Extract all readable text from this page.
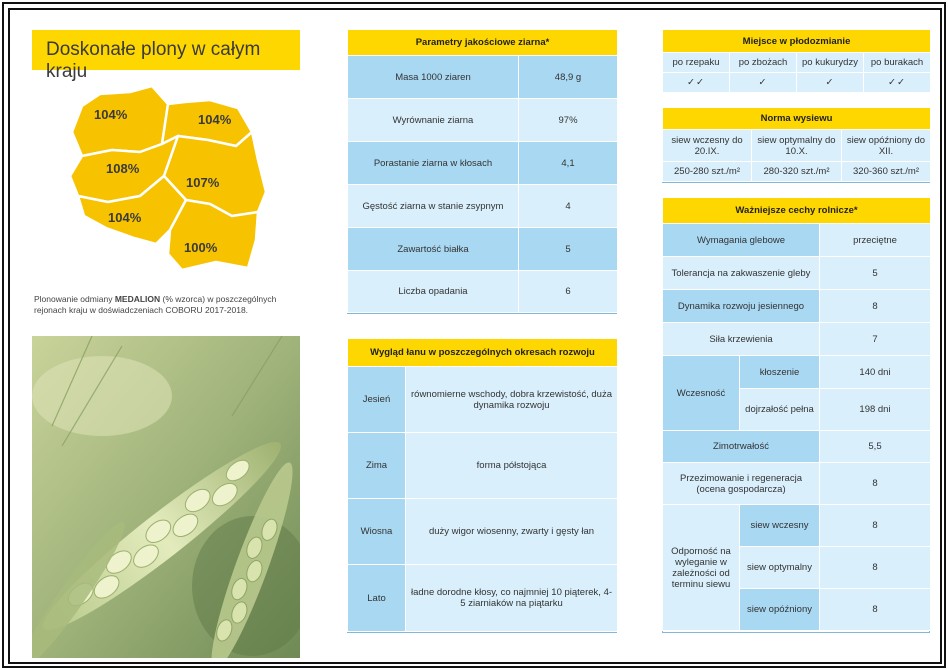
Doskonałe plony w całym kraju
104%	104%
108%
107%
104%
100%
Plonowanie odmiany MEDALION (% wzorca) w poszczególnych rejonach kraju w doświadczeniach COBORU 2017-2018.
Parametry jakościowe ziarna*	
Masa 1000 ziaren	48,9 g
Wyrównanie ziarna	97%
Porastanie ziarna w kłosach	4,1
Gęstość ziarna w stanie zsypnym	4
Zawartość białka	5
Liczba opadania	6
Wygląd łanu w poszczególnych okresach rozwoju	
Jesień	równomierne wschody, dobra krzewistość, duża dynamika rozwoju
Zima	forma półstojąca
Wiosna	duży wigor wiosenny, zwarty i gęsty łan
Lato	ładne dorodne kłosy, co najmniej 10 piąterek, 4-5 ziarniaków na piątarku
Miejsce w płodozmianie			
po rzepaku	po zbożach	po kukurydzy	po burakach
✓✓	✓	✓	✓✓
Norma wysiewu		
siew wczesny do 20.IX.	siew optymalny do 10.X.	siew opóźniony do XII.
250-280 szt./m²	280-320 szt./m²	320-360 szt./m²
Ważniejsze cechy rolnicze*		
Wymagania glebowe		przeciętne
Tolerancja na zakwaszenie gleby		5
Dynamika rozwoju jesiennego		8
Siła krzewienia		7
Wczesność	kłoszenie	140 dni
	dojrzałość pełna	198 dni
Zimotrwałość		5,5
Przezimowanie i regeneracja (ocena gospodarcza)		8
Odporność na wyleganie w zależności od terminu siewu	siew wczesny	8
	siew optymalny	8
	siew opóźniony	8
